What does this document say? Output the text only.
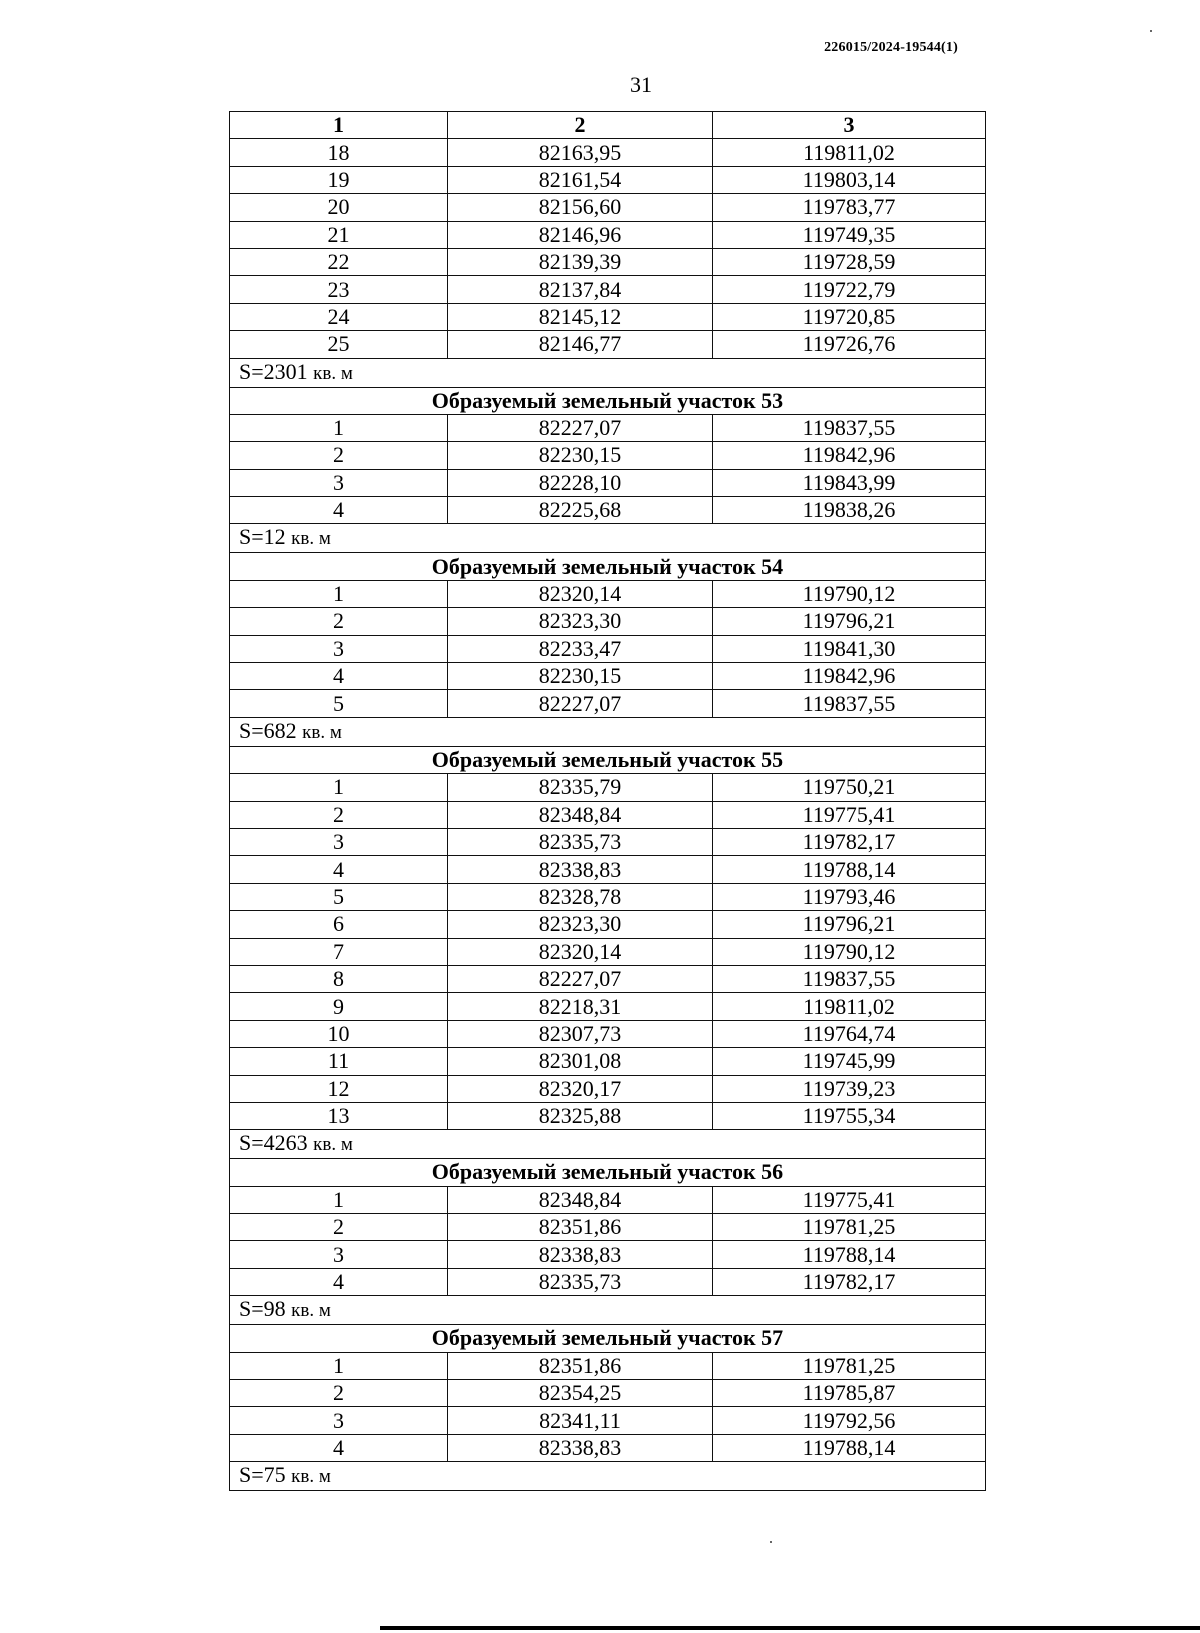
226015/2024-19544(1)
31
1	2	3
18	82163,95	119811,02
19	82161,54	119803,14
20	82156,60	119783,77
21	82146,96	119749,35
22	82139,39	119728,59
23	82137,84	119722,79
24	82145,12	119720,85
25	82146,77	119726,76
S=2301 кв. м		
Образуемый земельный участок 53		
1	82227,07	119837,55
2	82230,15	119842,96
3	82228,10	119843,99
4	82225,68	119838,26
S=12 кв. м		
Образуемый земельный участок 54		
1	82320,14	119790,12
2	82323,30	119796,21
3	82233,47	119841,30
4	82230,15	119842,96
5	82227,07	119837,55
S=682 кв. м		
Образуемый земельный участок 55		
1	82335,79	119750,21
2	82348,84	119775,41
3	82335,73	119782,17
4	82338,83	119788,14
5	82328,78	119793,46
6	82323,30	119796,21
7	82320,14	119790,12
8	82227,07	119837,55
9	82218,31	119811,02
10	82307,73	119764,74
11	82301,08	119745,99
12	82320,17	119739,23
13	82325,88	119755,34
S=4263 кв. м		
Образуемый земельный участок 56		
1	82348,84	119775,41
2	82351,86	119781,25
3	82338,83	119788,14
4	82335,73	119782,17
S=98 кв. м		
Образуемый земельный участок 57		
1	82351,86	119781,25
2	82354,25	119785,87
3	82341,11	119792,56
4	82338,83	119788,14
S=75 кв. м		
